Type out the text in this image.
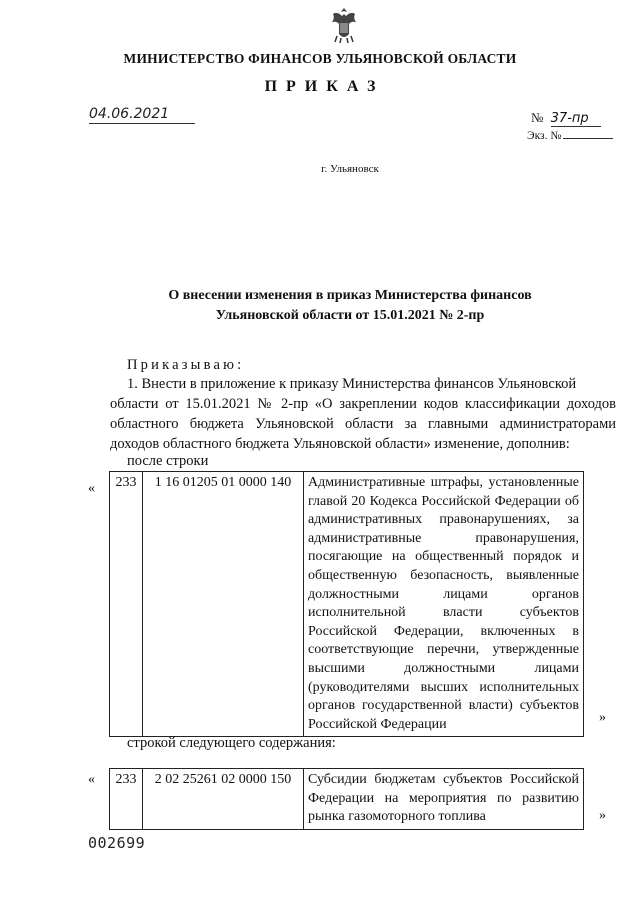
МИНИСТЕРСТВО ФИНАНСОВ УЛЬЯНОВСКОЙ ОБЛАСТИ
ПРИКАЗ
04.06.2021	№ 37-пр
Экз. №
г. Ульяновск
О внесении изменения в приказ Министерства финансов
Ульяновской области от 15.01.2021 № 2-пр
Приказываю:
1. Внести в приложение к приказу Министерства финансов Ульяновской
области от 15.01.2021 № 2-пр «О закреплении кодов классификации доходов областного бюджета Ульяновской области за главными администраторами доходов областного бюджета Ульяновской области» изменение, дополнив:
после строки
« 233	1 16 01205 01 0000 140	Административные штрафы, установленные главой 20 Кодекса Российской Федерации об административных правонарушениях, за административные правонарушения, посягающие на общественный порядок и общественную безопасность, выявленные должностными лицами органов исполнительной власти субъектов Российской Федерации, включенных в соответствующие перечни, утвержденные высшими должностными лицами (руководителями высших исполнительных органов государственной власти) субъектов Российской Федерации	»
строкой следующего содержания:
« 233	2 02 25261 02 0000 150	Субсидии бюджетам субъектов Российской Федерации на мероприятия по развитию рынка газомоторного топлива	»
002699
